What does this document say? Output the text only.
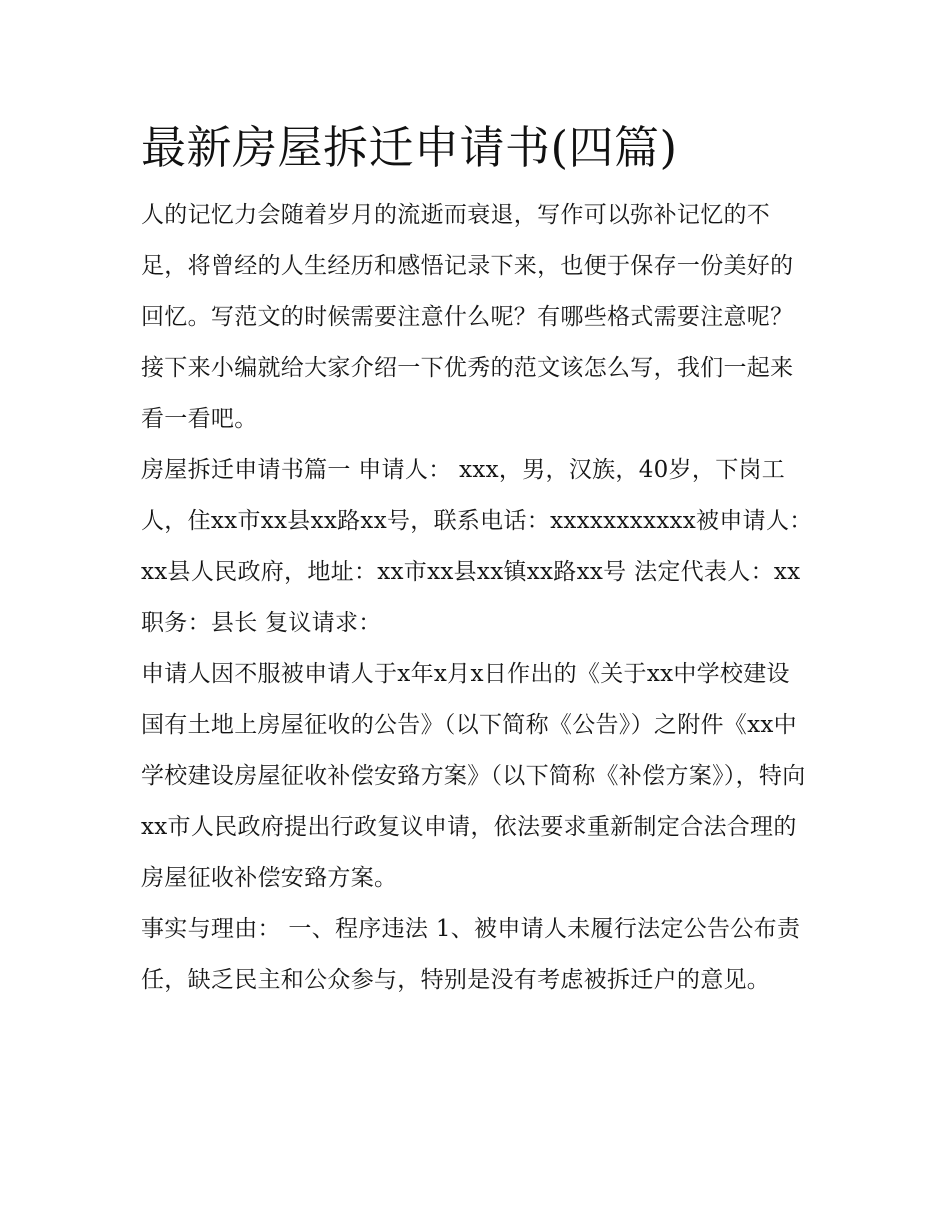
最新房屋拆迁申请书(四篇)

人的记忆力会随着岁月的流逝而衰退，写作可以弥补记忆的不足，将曾经的人生经历和感悟记录下来，也便于保存一份美好的回忆。写范文的时候需要注意什么呢？有哪些格式需要注意呢？接下来小编就给大家介绍一下优秀的范文该怎么写，我们一起来看一看吧。

房屋拆迁申请书篇一 申请人： xxx，男，汉族，40岁，下岗工人，住xx市xx县xx路xx号，联系电话：xxxxxxxxxxx被申请人：

xx县人民政府，地址：xx市xx县xx镇xx路xx号 法定代表人：xx职务：县长 复议请求：

申请人因不服被申请人于x年x月x日作出的《关于xx中学校建设国有土地上房屋征收的公告》（以下简称《公告》）之附件《xx中学校建设房屋征收补偿安臵方案》（以下简称《补偿方案》），特向xx市人民政府提出行政复议申请，依法要求重新制定合法合理的房屋征收补偿安臵方案。

事实与理由： 一、程序违法 1、被申请人未履行法定公告公布责任，缺乏民主和公众参与，特别是没有考虑被拆迁户的意见。
